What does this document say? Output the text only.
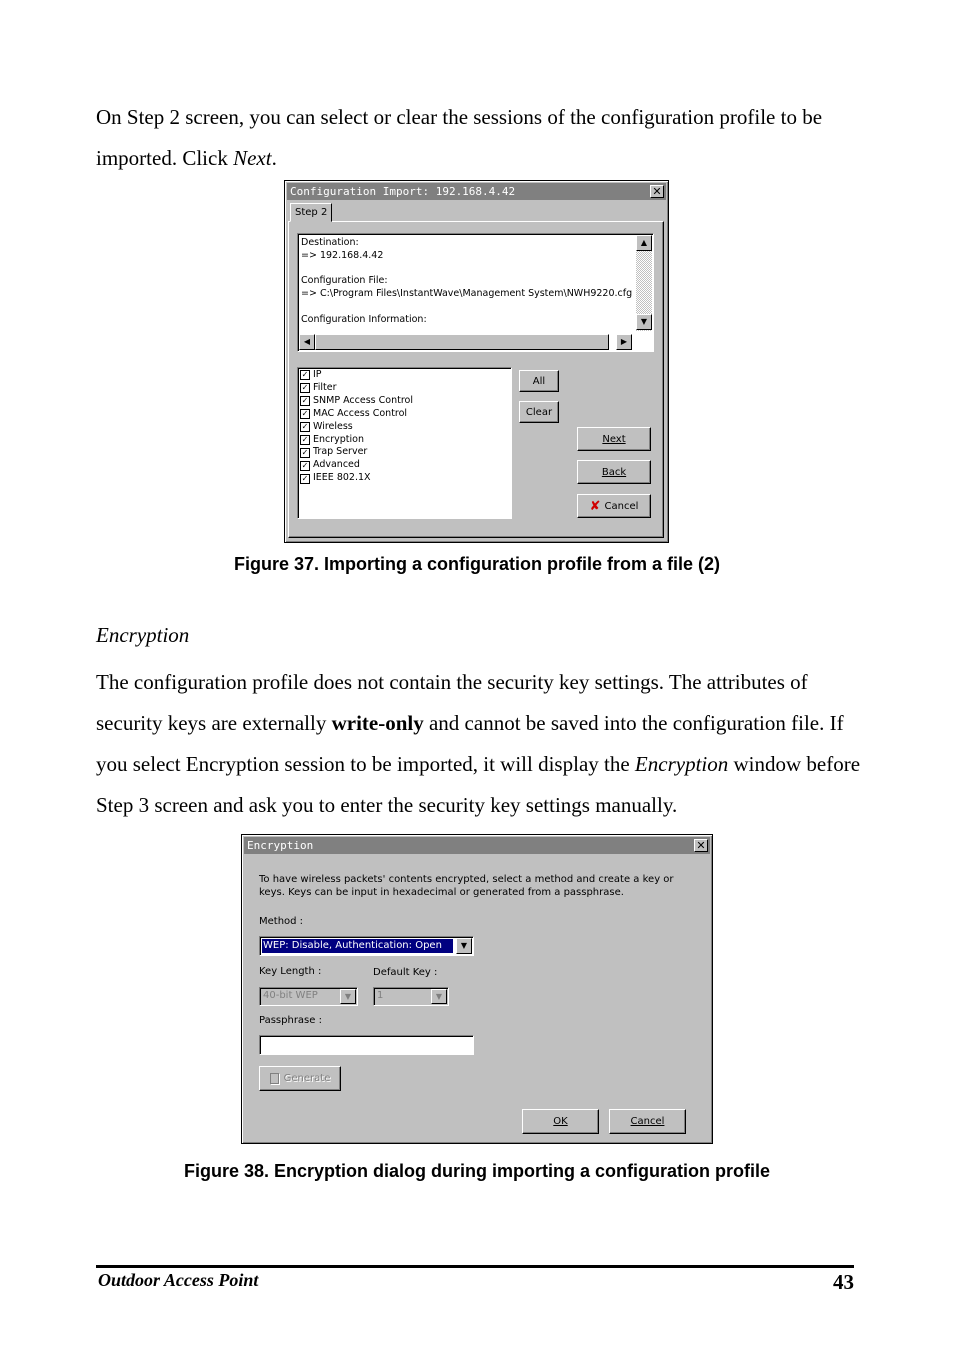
On Step 2 screen, you can select or clear the sessions of the configuration profile to be imported. Click Next.

Configuration Import: 192.168.4.42	✕
Step 2
Destination:
=> 192.168.4.42
Configuration File:
=> C:\Program Files\InstantWave\Management System\NWH9220.cfg
Configuration Information:
▲
▼
◀	▶
✓ IP
✓ Filter
✓ SNMP Access Control
✓ MAC Access Control
✓ Wireless
✓ Encryption
✓ Trap Server
✓ Advanced
✓ IEEE 802.1X
All
Clear
Next
Back
✘ Cancel
Figure 37. Importing a configuration profile from a file (2)
Encryption

The configuration profile does not contain the security key settings. The attributes of security keys are externally write-only and cannot be saved into the configuration file. If you select Encryption session to be imported, it will display the Encryption window before Step 3 screen and ask you to enter the security key settings manually.

Encryption	✕
To have wireless packets' contents encrypted, select a method and create a key or keys. Keys can be input in hexadecimal or generated from a passphrase.
Method :
WEP: Disable, Authentication: Open	▼
Key Length :	Default Key :
40-bit WEP	▼	1	▼
Passphrase :
Generate
OK	Cancel
Figure 38. Encryption dialog during importing a configuration profile
Outdoor Access Point	43
